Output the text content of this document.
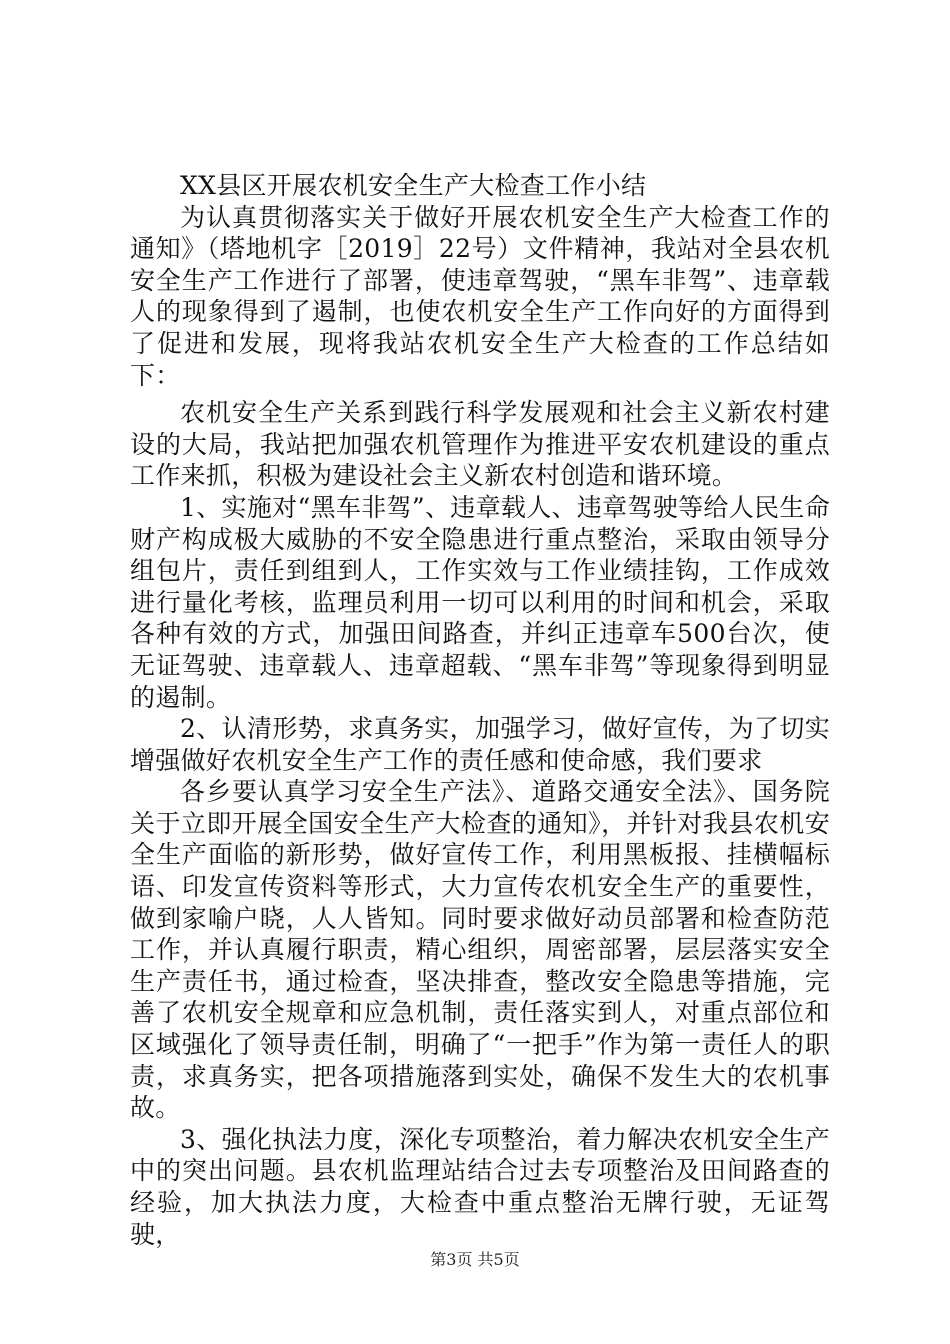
XX县区开展农机安全生产大检查工作小结

为认真贯彻落实关于做好开展农机安全生产大检查工作的通知》（塔地机字［2019］22号）文件精神，我站对全县农机安全生产工作进行了部署，使违章驾驶，“黑车非驾”、违章载人的现象得到了遏制，也使农机安全生产工作向好的方面得到了促进和发展，现将我站农机安全生产大检查的工作总结如下：

农机安全生产关系到践行科学发展观和社会主义新农村建设的大局，我站把加强农机管理作为推进平安农机建设的重点工作来抓，积极为建设社会主义新农村创造和谐环境。

1、实施对“黑车非驾”、违章载人、违章驾驶等给人民生命财产构成极大威胁的不安全隐患进行重点整治，采取由领导分组包片，责任到组到人，工作实效与工作业绩挂钩，工作成效进行量化考核，监理员利用一切可以利用的时间和机会，采取各种有效的方式，加强田间路查，并纠正违章车500台次，使无证驾驶、违章载人、违章超载、“黑车非驾”等现象得到明显的遏制。

2、认清形势，求真务实，加强学习，做好宣传，为了切实增强做好农机安全生产工作的责任感和使命感，我们要求

各乡要认真学习安全生产法》、道路交通安全法》、国务院关于立即开展全国安全生产大检查的通知》，并针对我县农机安全生产面临的新形势，做好宣传工作，利用黑板报、挂横幅标语、印发宣传资料等形式，大力宣传农机安全生产的重要性，做到家喻户晓，人人皆知。同时要求做好动员部署和检查防范工作，并认真履行职责，精心组织，周密部署，层层落实安全生产责任书，通过检查，坚决排查，整改安全隐患等措施，完善了农机安全规章和应急机制，责任落实到人，对重点部位和区域强化了领导责任制，明确了“一把手”作为第一责任人的职责，求真务实，把各项措施落到实处，确保不发生大的农机事故。

3、强化执法力度，深化专项整治，着力解决农机安全生产中的突出问题。县农机监理站结合过去专项整治及田间路查的经验，加大执法力度，大检查中重点整治无牌行驶，无证驾驶，

第3页 共5页
